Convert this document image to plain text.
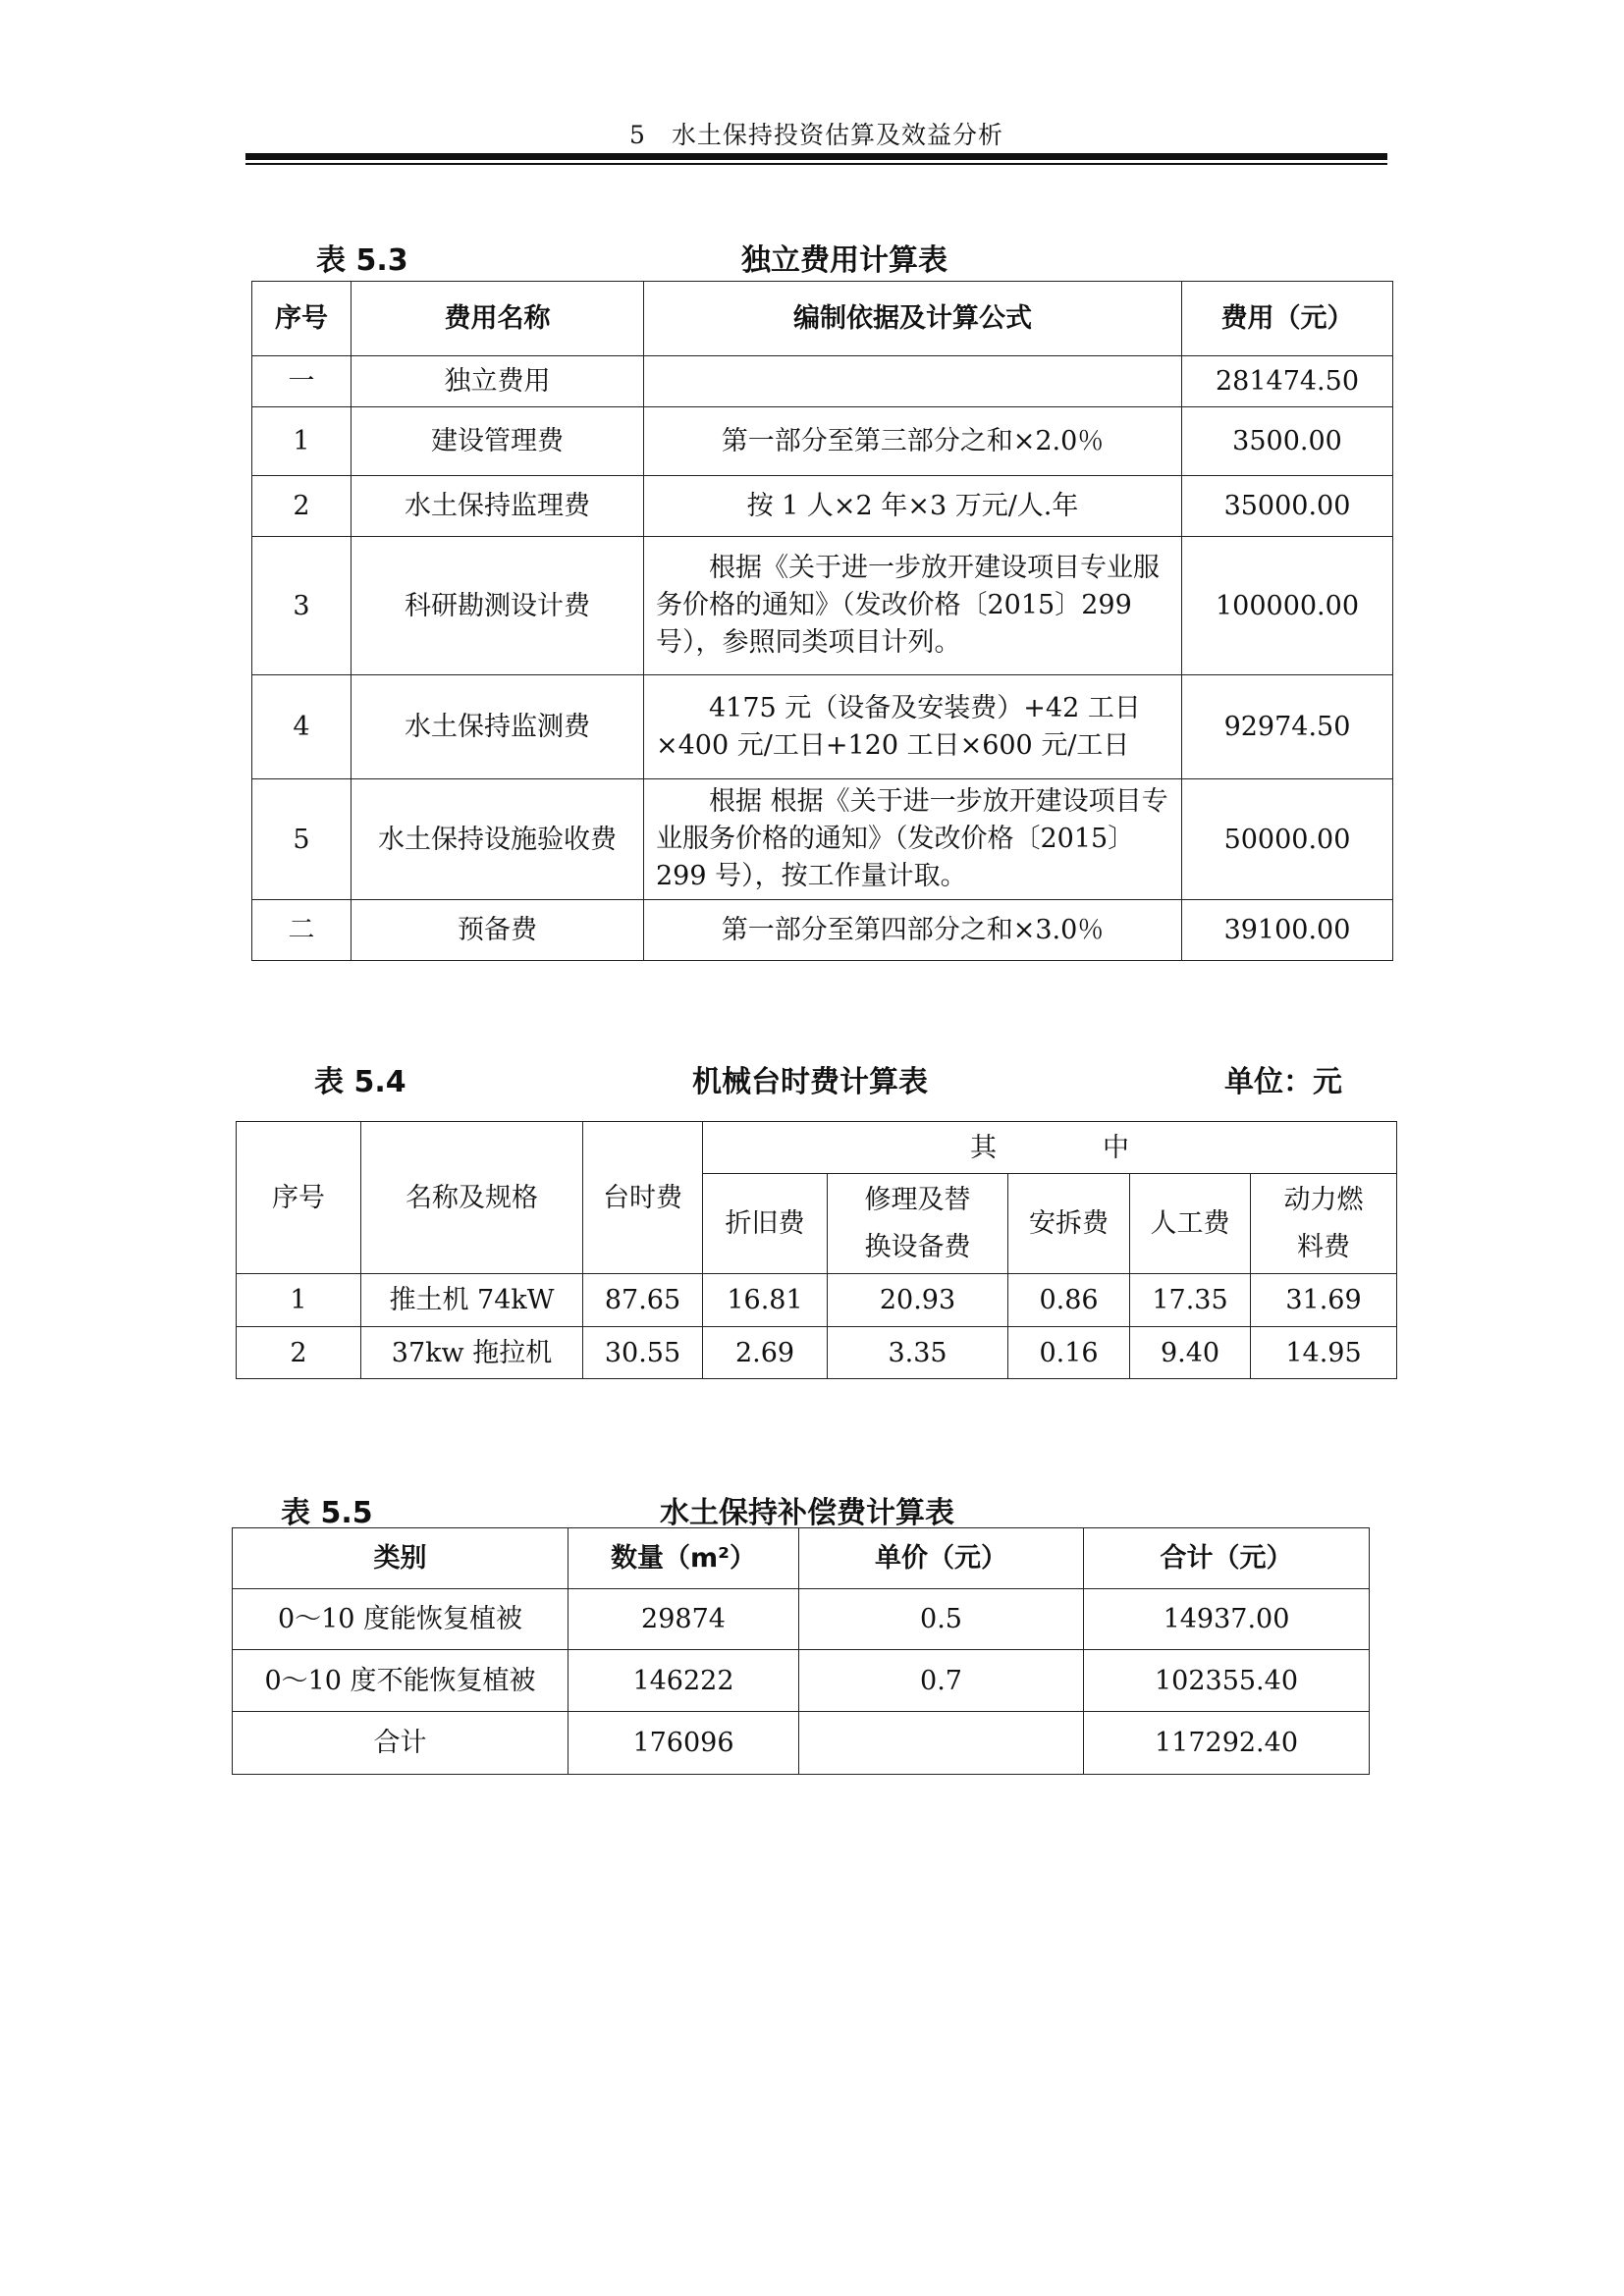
5　水土保持投资估算及效益分析
表 5.3	独立费用计算表
序号	费用名称	编制依据及计算公式	费用（元）
一	独立费用		281474.50
1	建设管理费	第一部分至第三部分之和×2.0％	3500.00
2	水土保持监理费	按 1 人×2 年×3 万元/人.年	35000.00
3	科研勘测设计费	根据《关于进一步放开建设项目专业服务价格的通知》（发改价格〔2015〕299 号），参照同类项目计列。	100000.00
4	水土保持监测费	4175 元（设备及安装费）+42 工日×400 元/工日+120 工日×600 元/工日	92974.50
5	水土保持设施验收费	根据 根据《关于进一步放开建设项目专业服务价格的通知》（发改价格〔2015〕299 号），按工作量计取。	50000.00
二	预备费	第一部分至第四部分之和×3.0％	39100.00
表 5.4	机械台时费计算表	单位：元
序号	名称及规格	台时费	其　　　　中				
			折旧费	修理及替换设备费	安拆费	人工费	动力燃料费
1	推土机 74kW	87.65	16.81	20.93	0.86	17.35	31.69
2	37kw 拖拉机	30.55	2.69	3.35	0.16	9.40	14.95
表 5.5	水土保持补偿费计算表
类别	数量（m²）	单价（元）	合计（元）
0～10 度能恢复植被	29874	0.5	14937.00
0～10 度不能恢复植被	146222	0.7	102355.40
合计	176096		117292.40
